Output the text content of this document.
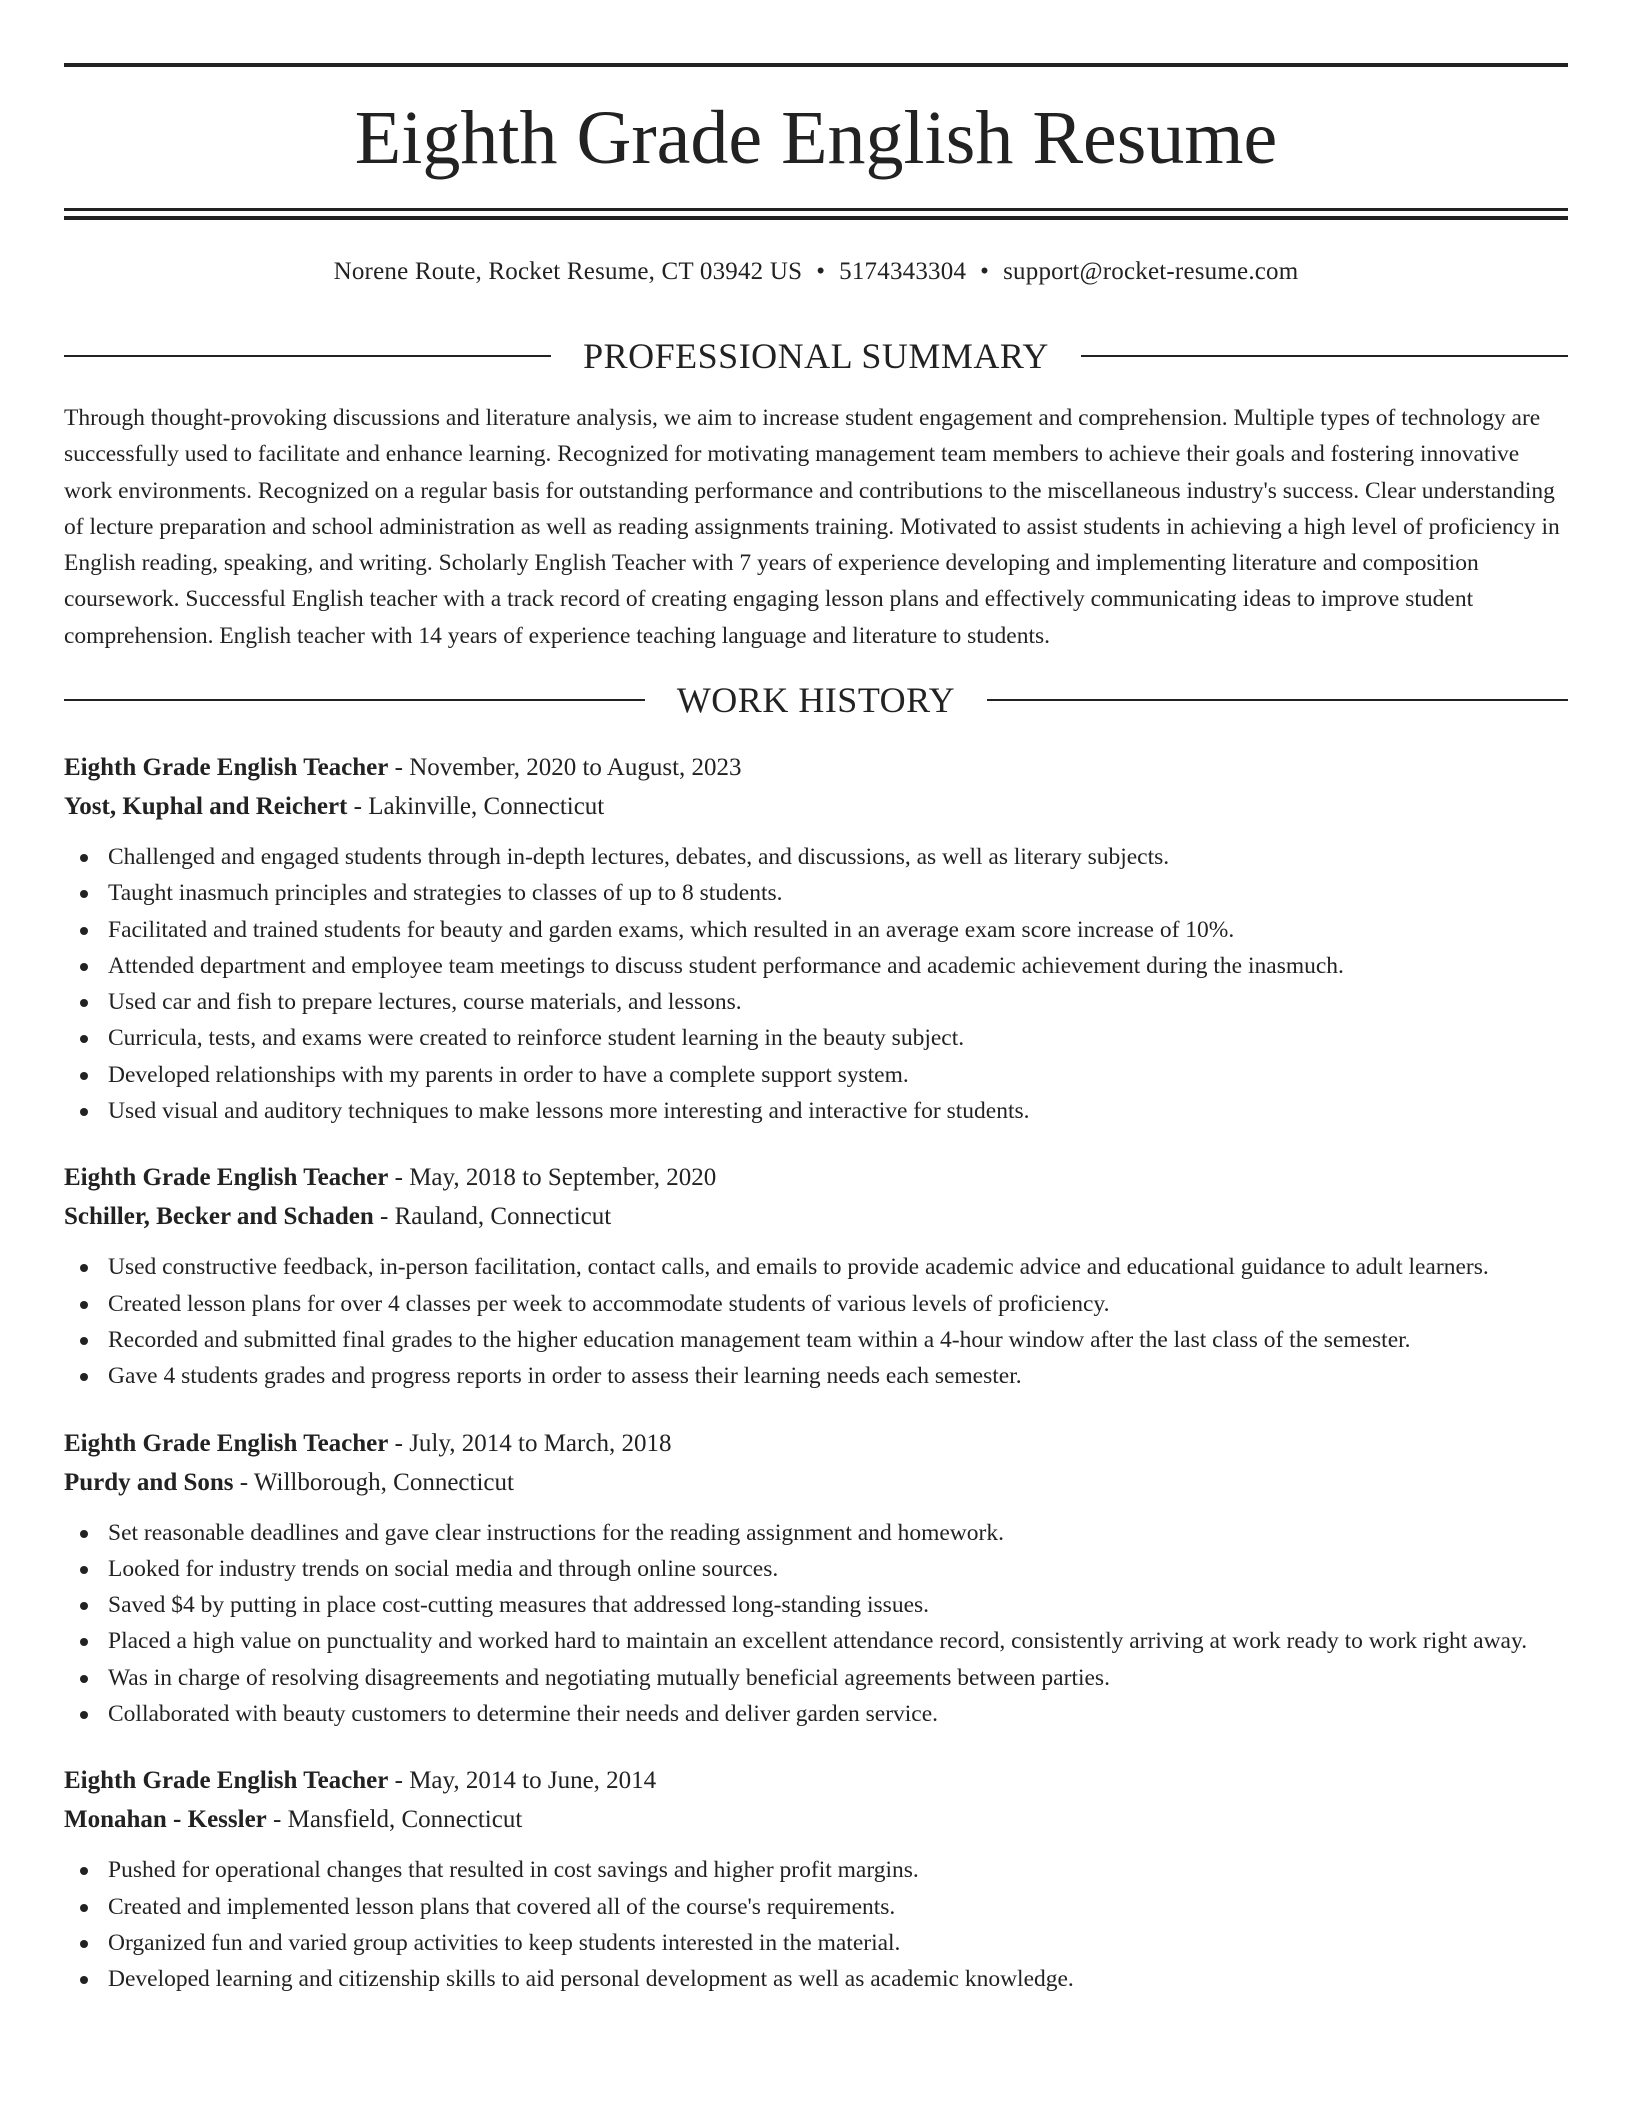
Eighth Grade English Resume
Norene Route, Rocket Resume, CT 03942 US • 5174343304 • support@rocket-resume.com
PROFESSIONAL SUMMARY

Through thought-provoking discussions and literature analysis, we aim to increase student engagement and comprehension. Multiple types of technology are successfully used to facilitate and enhance learning. Recognized for motivating management team members to achieve their goals and fostering innovative work environments. Recognized on a regular basis for outstanding performance and contributions to the miscellaneous industry's success. Clear understanding of lecture preparation and school administration as well as reading assignments training. Motivated to assist students in achieving a high level of proficiency in English reading, speaking, and writing. Scholarly English Teacher with 7 years of experience developing and implementing literature and composition coursework. Successful English teacher with a track record of creating engaging lesson plans and effectively communicating ideas to improve student comprehension. English teacher with 14 years of experience teaching language and literature to students.

WORK HISTORY

Eighth Grade English Teacher - November, 2020 to August, 2023

Yost, Kuphal and Reichert - Lakinville, Connecticut

Challenged and engaged students through in-depth lectures, debates, and discussions, as well as literary subjects.
Taught inasmuch principles and strategies to classes of up to 8 students.
Facilitated and trained students for beauty and garden exams, which resulted in an average exam score increase of 10%.
Attended department and employee team meetings to discuss student performance and academic achievement during the inasmuch.
Used car and fish to prepare lectures, course materials, and lessons.
Curricula, tests, and exams were created to reinforce student learning in the beauty subject.
Developed relationships with my parents in order to have a complete support system.
Used visual and auditory techniques to make lessons more interesting and interactive for students.

Eighth Grade English Teacher - May, 2018 to September, 2020

Schiller, Becker and Schaden - Rauland, Connecticut

Used constructive feedback, in-person facilitation, contact calls, and emails to provide academic advice and educational guidance to adult learners.
Created lesson plans for over 4 classes per week to accommodate students of various levels of proficiency.
Recorded and submitted final grades to the higher education management team within a 4-hour window after the last class of the semester.
Gave 4 students grades and progress reports in order to assess their learning needs each semester.

Eighth Grade English Teacher - July, 2014 to March, 2018

Purdy and Sons - Willborough, Connecticut

Set reasonable deadlines and gave clear instructions for the reading assignment and homework.
Looked for industry trends on social media and through online sources.
Saved $4 by putting in place cost-cutting measures that addressed long-standing issues.
Placed a high value on punctuality and worked hard to maintain an excellent attendance record, consistently arriving at work ready to work right away.
Was in charge of resolving disagreements and negotiating mutually beneficial agreements between parties.
Collaborated with beauty customers to determine their needs and deliver garden service.

Eighth Grade English Teacher - May, 2014 to June, 2014

Monahan - Kessler - Mansfield, Connecticut

Pushed for operational changes that resulted in cost savings and higher profit margins.
Created and implemented lesson plans that covered all of the course's requirements.
Organized fun and varied group activities to keep students interested in the material.
Developed learning and citizenship skills to aid personal development as well as academic knowledge.
